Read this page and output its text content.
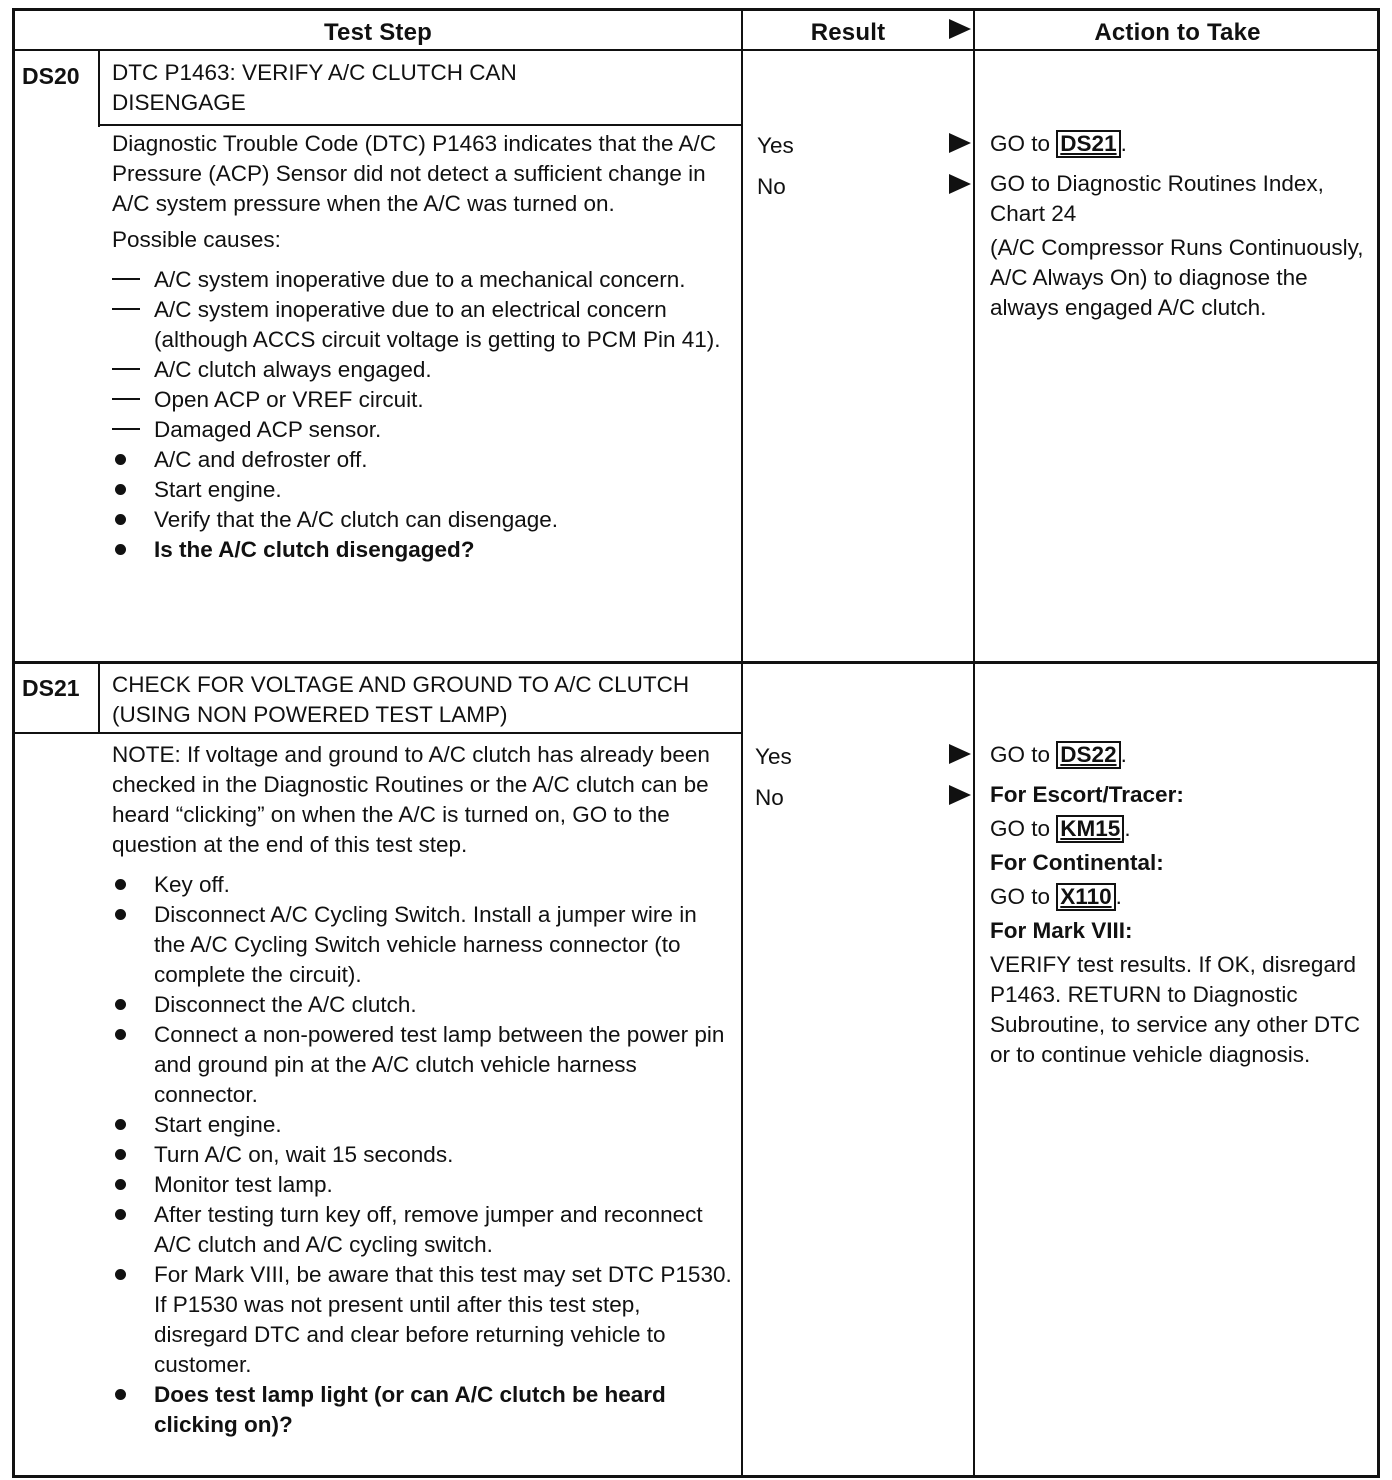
Test Step	Result	Action to Take
DS20 DTC P1463: VERIFY A/C CLUTCH CAN DISENGAGE

Diagnostic Trouble Code (DTC) P1463 indicates that the A/C Pressure (ACP) Sensor did not detect a sufficient change in A/C system pressure when the A/C was turned on.

Possible causes:

A/C system inoperative due to a mechanical concern.
A/C system inoperative due to an electrical concern (although ACCS circuit voltage is getting to PCM Pin 41).
A/C clutch always engaged.
Open ACP or VREF circuit.
Damaged ACP sensor.
A/C and defroster off.
Start engine.
Verify that the A/C clutch can disengage.
Is the A/C clutch disengaged?
Yes
No
GO to DS21 .
GO to Diagnostic Routines Index, Chart 24
(A/C Compressor Runs Continuously, A/C Always On) to diagnose the always engaged A/C clutch.
DS21 CHECK FOR VOLTAGE AND GROUND TO A/C CLUTCH (USING NON POWERED TEST LAMP)

NOTE: If voltage and ground to A/C clutch has already been checked in the Diagnostic Routines or the A/C clutch can be heard “clicking” on when the A/C is turned on, GO to the question at the end of this test step.

Key off.
Disconnect A/C Cycling Switch. Install a jumper wire in the A/C Cycling Switch vehicle harness connector (to complete the circuit).
Disconnect the A/C clutch.
Connect a non-powered test lamp between the power pin and ground pin at the A/C clutch vehicle harness connector.
Start engine.
Turn A/C on, wait 15 seconds.
Monitor test lamp.
After testing turn key off, remove jumper and reconnect A/C clutch and A/C cycling switch.
For Mark VIII, be aware that this test may set DTC P1530. If P1530 was not present until after this test step, disregard DTC and clear before returning vehicle to customer.
Does test lamp light (or can A/C clutch be heard clicking on)?
Yes
No
GO to DS22 .
For Escort/Tracer:
GO to KM15 .
For Continental:
GO to X110 .
For Mark VIII:
VERIFY test results. If OK, disregard P1463. RETURN to Diagnostic Subroutine, to service any other DTC or to continue vehicle diagnosis.
